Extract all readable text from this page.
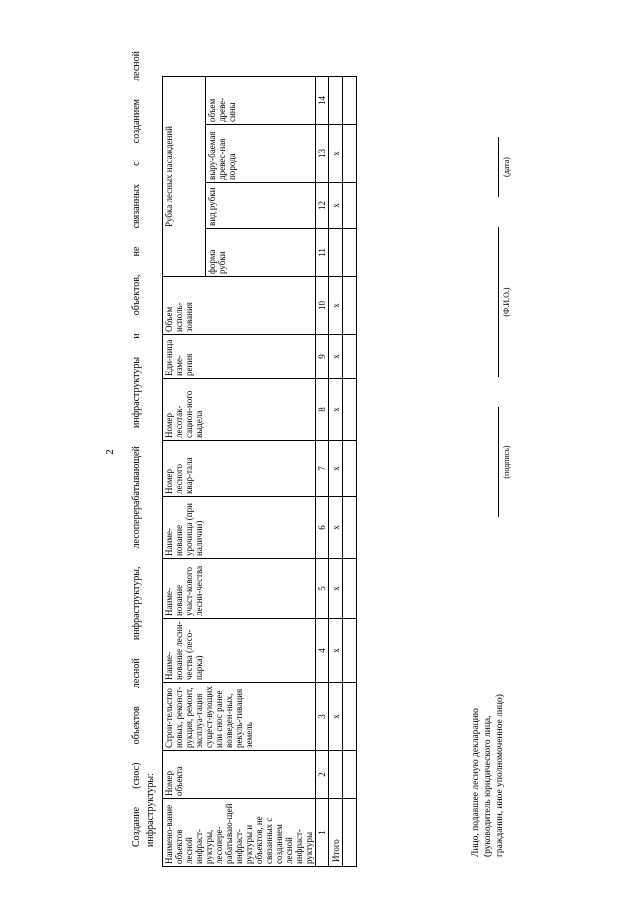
2 Создание (снос) объектов лесной инфраструктуры, лесоперерабатывающей инфраструктуры и объектов, не связанных с созданием лесной инфраструктуры: Наимено-вание объектов лесной инфраст-руктуры, лесопере-рабатываю-щей инфраст-руктуры и объектов, не связанных с созданием лесной инфраст-руктуры	Номер объекта	Строи-тельство новых, реконст-рукция, ремонт, эксплуа-тация сущест-вующих или снос ранее возведен-ных, рекуль-тивация земель	Наиме-нование лесни-чества (лесо-парка)	Наиме-нование участ-кового лесни-чества	Наиме-нование урочища (при наличии)	Номер лесного квар-тала	Номер лесотак-сацион-ного выдела	Еди-ница изме-рения	Объем исполь-зования	Рубка лесных насаждений			
										форма рубки	вид рубки	выру-баемая древес-ная порода	объем древе-сины
1	2	3	4	5	6	7	8	9	10	11	12	13	14
Итого		x	x	x	x	x	x	x	x		x	x	

Лицо, подавшее лесную декларацию (руководитель юридического лица, гражданин, иное уполномоченное лицо)
(подпись)
(Ф.И.О.)
(дата)
